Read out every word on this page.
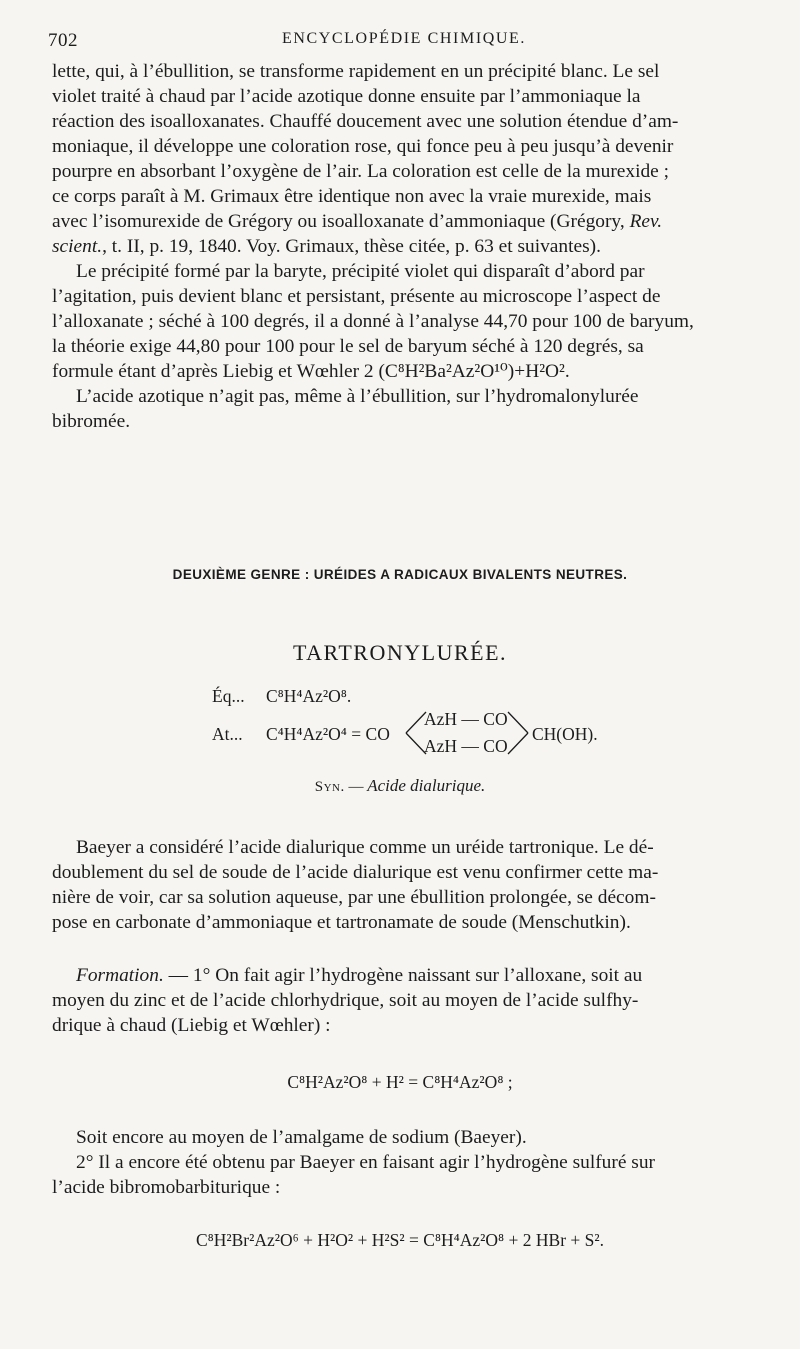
702	ENCYCLOPÉDIE CHIMIQUE.

lette, qui, à l’ébullition, se transforme rapidement en un précipité blanc. Le sel

violet traité à chaud par l’acide azotique donne ensuite par l’ammoniaque la

réaction des isoalloxanates. Chauffé doucement avec une solution étendue d’am-

moniaque, il développe une coloration rose, qui fonce peu à peu jusqu’à devenir

pourpre en absorbant l’oxygène de l’air. La coloration est celle de la murexide ;

ce corps paraît à M. Grimaux être identique non avec la vraie murexide, mais

avec l’isomurexide de Grégory ou isoalloxanate d’ammoniaque (Grégory, Rev.

scient., t. II, p. 19, 1840. Voy. Grimaux, thèse citée, p. 63 et suivantes).

Le précipité formé par la baryte, précipité violet qui disparaît d’abord par

l’agitation, puis devient blanc et persistant, présente au microscope l’aspect de

l’alloxanate ; séché à 100 degrés, il a donné à l’analyse 44,70 pour 100 de baryum,

la théorie exige 44,80 pour 100 pour le sel de baryum séché à 120 degrés, sa

formule étant d’après Liebig et Wœhler 2 (C⁸H²Ba²Az²O¹⁰)+H²O².

L’acide azotique n’agit pas, même à l’ébullition, sur l’hydromalonylurée

bibromée.

DEUXIÈME GENRE : URÉIDES A RADICAUX BIVALENTS NEUTRES.
TARTRONYLURÉE.
Éq... C⁸H⁴Az²O⁸.
At... C⁴H⁴Az²O⁴ = CO
AzH — CO
AzH — CO
CH(OH).
Syn. — Acide dialurique.

Baeyer a considéré l’acide dialurique comme un uréide tartronique. Le dé-

doublement du sel de soude de l’acide dialurique est venu confirmer cette ma-

nière de voir, car sa solution aqueuse, par une ébullition prolongée, se décom-

pose en carbonate d’ammoniaque et tartronamate de soude (Menschutkin).

Formation. — 1° On fait agir l’hydrogène naissant sur l’alloxane, soit au

moyen du zinc et de l’acide chlorhydrique, soit au moyen de l’acide sulfhy-

drique à chaud (Liebig et Wœhler) :

C⁸H²Az²O⁸ + H² = C⁸H⁴Az²O⁸ ;

Soit encore au moyen de l’amalgame de sodium (Baeyer).

2° Il a encore été obtenu par Baeyer en faisant agir l’hydrogène sulfuré sur

l’acide bibromobarbiturique :

C⁸H²Br²Az²O⁶ + H²O² + H²S² = C⁸H⁴Az²O⁸ + 2 HBr + S².
